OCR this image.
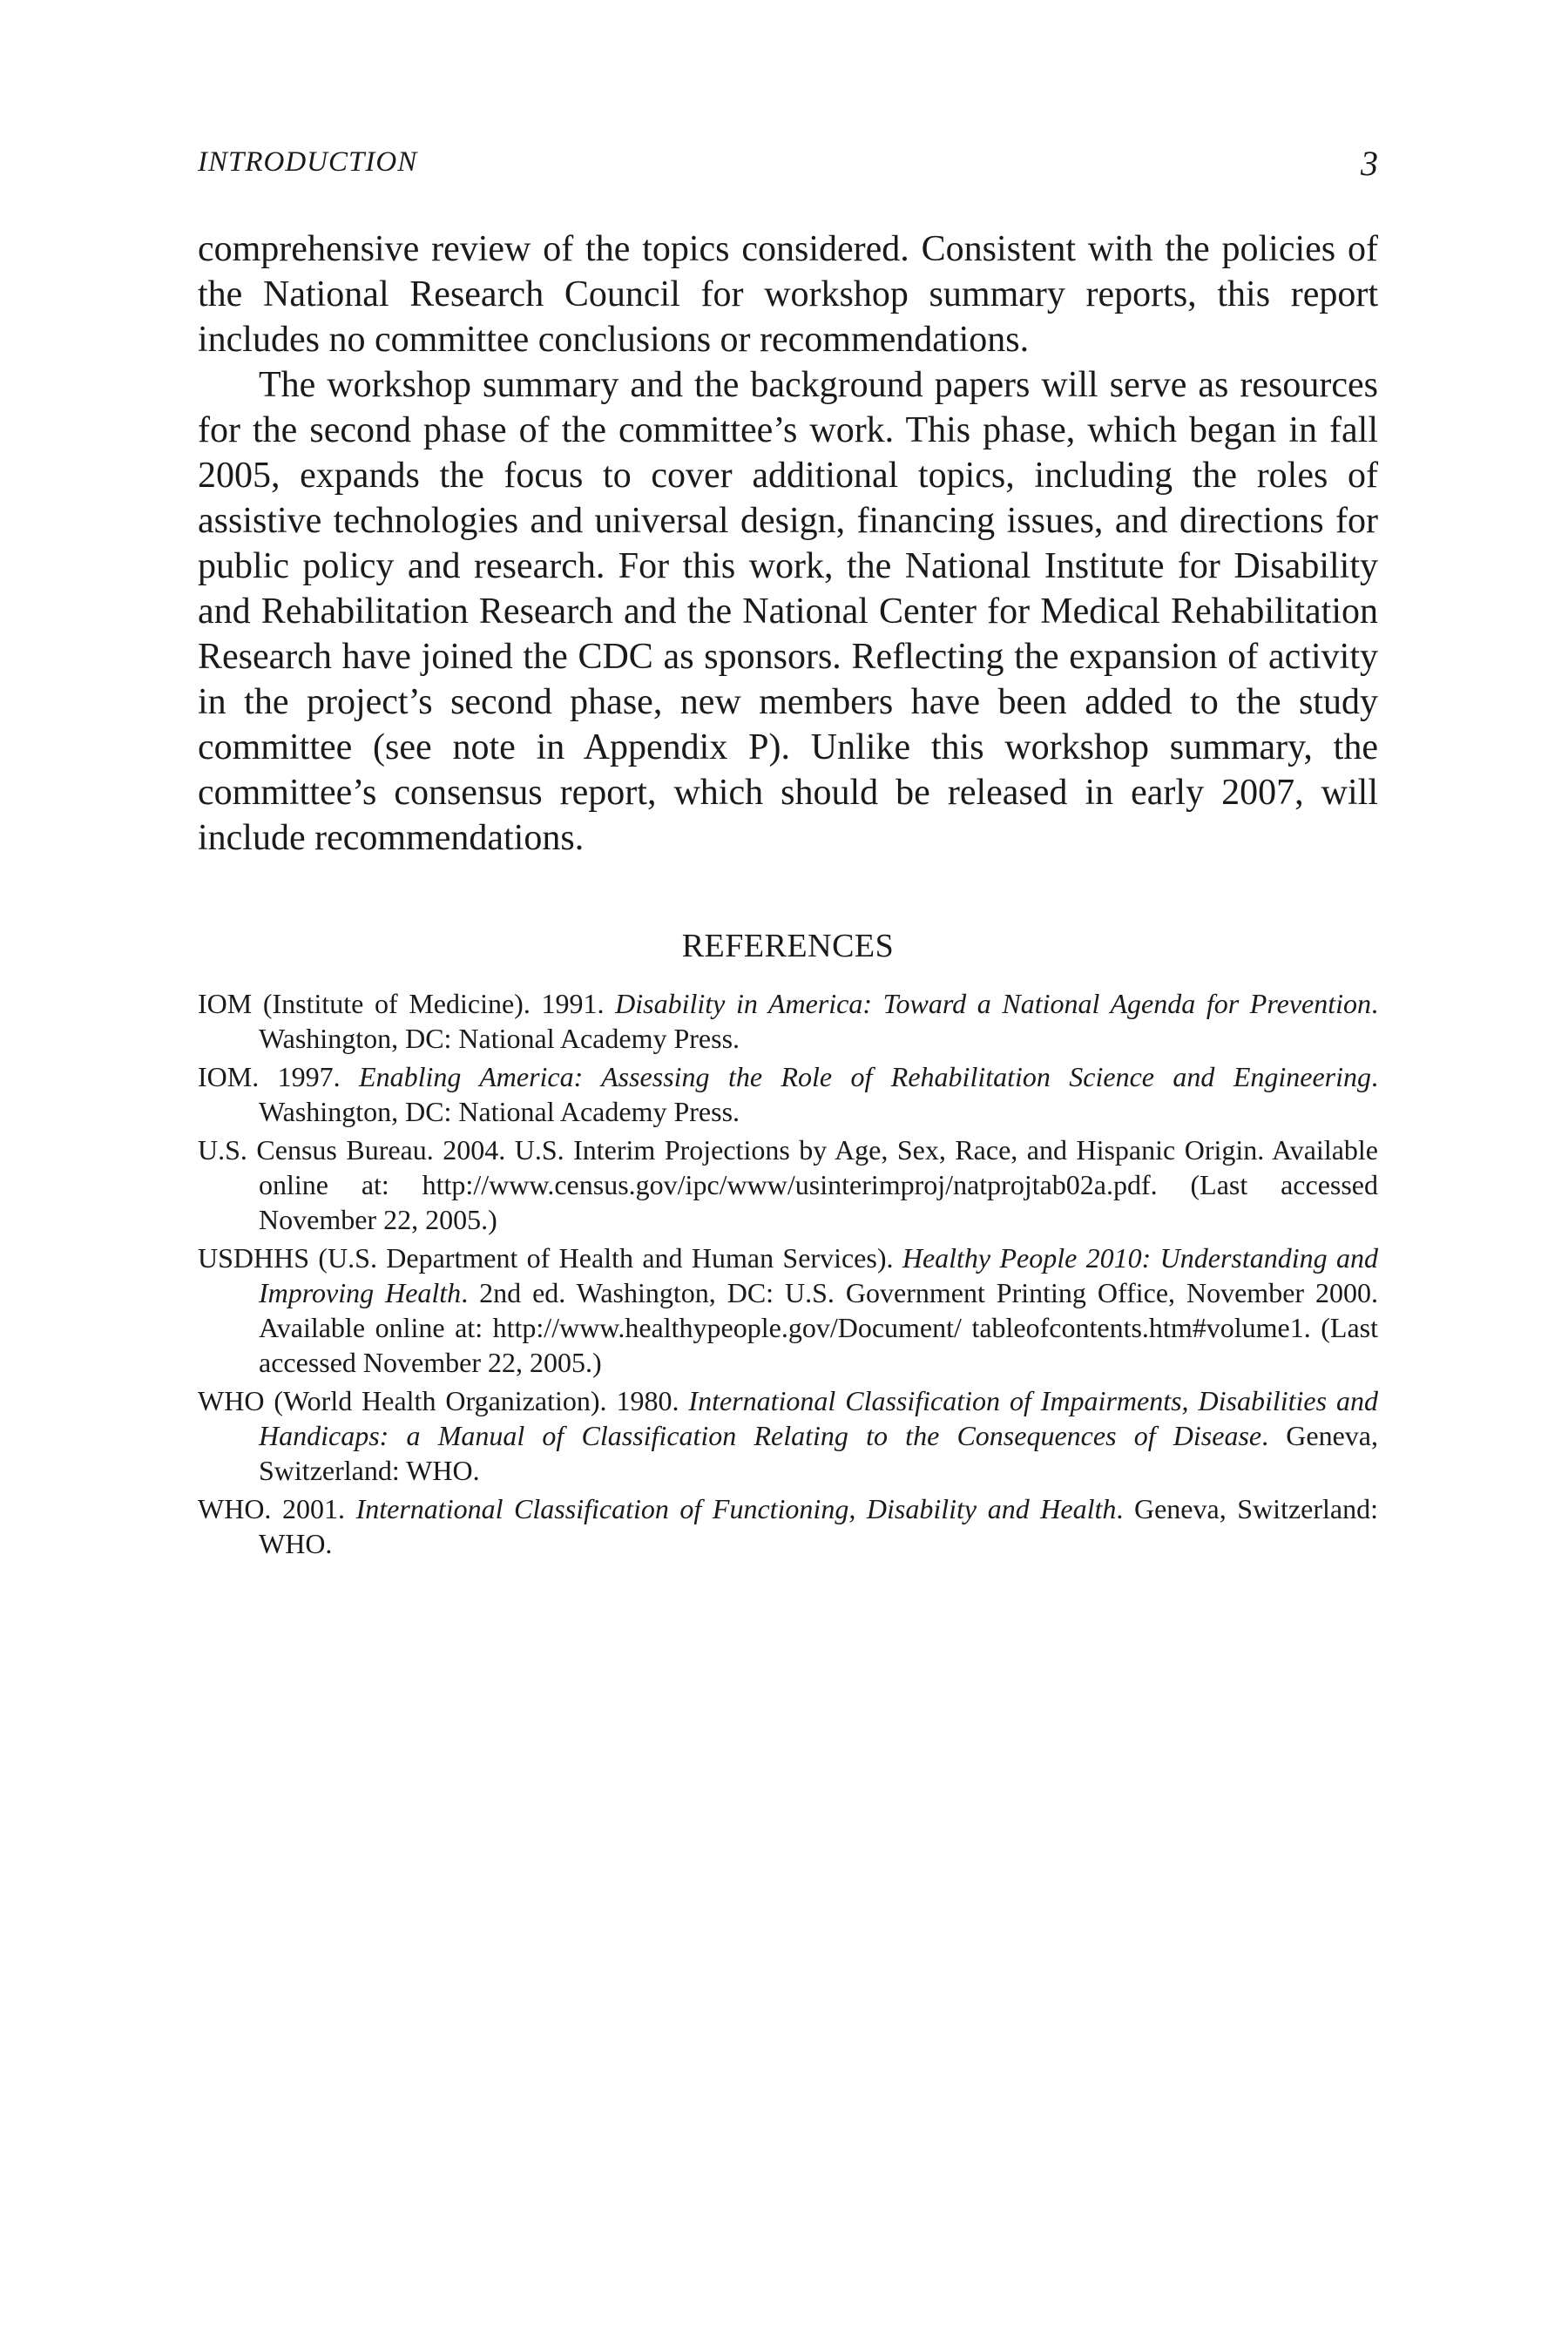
INTRODUCTION	3

comprehensive review of the topics considered. Consistent with the policies of the National Research Council for workshop summary reports, this report includes no committee conclusions or recommendations.

The workshop summary and the background papers will serve as resources for the second phase of the committee’s work. This phase, which began in fall 2005, expands the focus to cover additional topics, including the roles of assistive technologies and universal design, financing issues, and directions for public policy and research. For this work, the National Institute for Disability and Rehabilitation Research and the National Center for Medical Rehabilitation Research have joined the CDC as sponsors. Reflecting the expansion of activity in the project’s second phase, new members have been added to the study committee (see note in Appendix P). Unlike this workshop summary, the committee’s consensus report, which should be released in early 2007, will include recommendations.

REFERENCES
IOM (Institute of Medicine). 1991. Disability in America: Toward a National Agenda for Prevention. Washington, DC: National Academy Press.
IOM. 1997. Enabling America: Assessing the Role of Rehabilitation Science and Engineering. Washington, DC: National Academy Press.
U.S. Census Bureau. 2004. U.S. Interim Projections by Age, Sex, Race, and Hispanic Origin. Available online at: http://www.census.gov/ipc/www/usinterimproj/natprojtab02a.pdf. (Last accessed November 22, 2005.)
USDHHS (U.S. Department of Health and Human Services). Healthy People 2010: Understanding and Improving Health. 2nd ed. Washington, DC: U.S. Government Printing Office, November 2000. Available online at: http://www.healthypeople.gov/Document/ tableofcontents.htm#volume1. (Last accessed November 22, 2005.)
WHO (World Health Organization). 1980. International Classification of Impairments, Disabilities and Handicaps: a Manual of Classification Relating to the Consequences of Disease. Geneva, Switzerland: WHO.
WHO. 2001. International Classification of Functioning, Disability and Health. Geneva, Switzerland: WHO.
